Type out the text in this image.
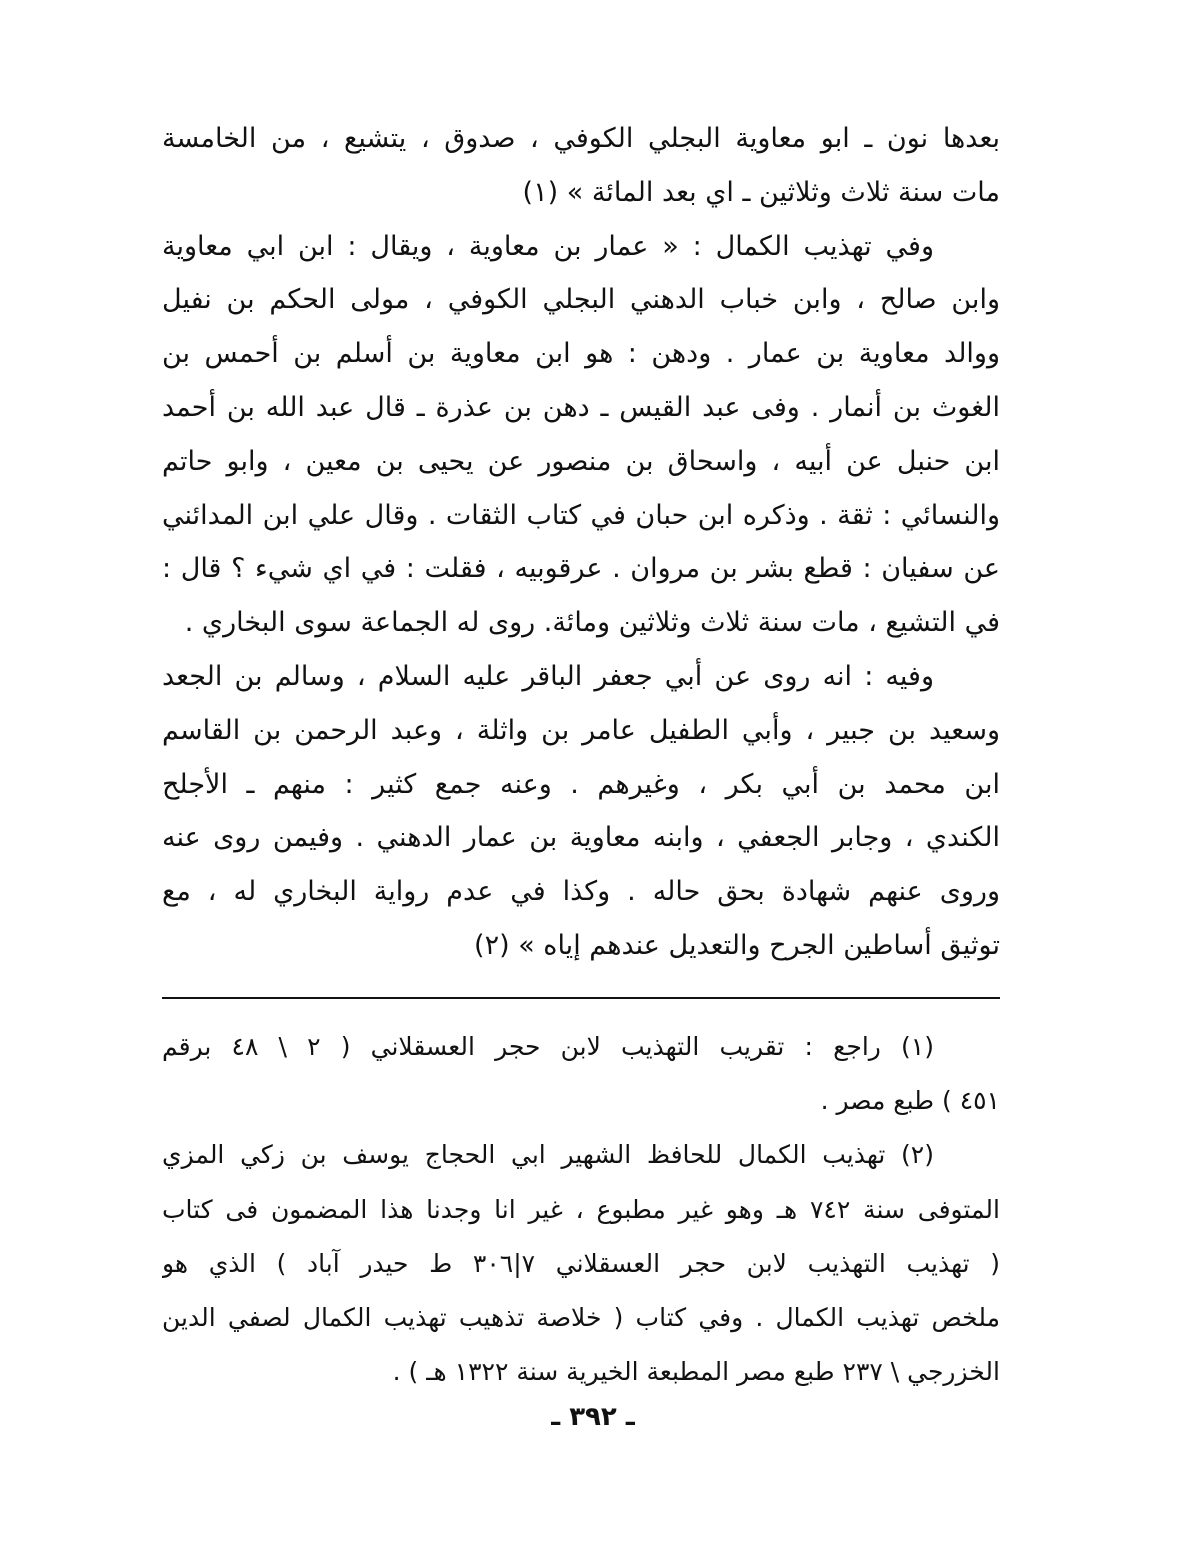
بعدها نون ـ ابو معاوية البجلي الكوفي ، صدوق ، يتشيع ، من الخامسة
مات سنة ثلاث وثلاثين ـ اي بعد المائة » (١)
وفي تهذيب الكمال : « عمار بن معاوية ، ويقال : ابن ابي معاوية
وابن صالح ، وابن خباب الدهني البجلي الكوفي ، مولى الحكم بن نفيل
ووالد معاوية بن عمار . ودهن : هو ابن معاوية بن أسلم بن أحمس بن
الغوث بن أنمار . وفى عبد القيس ـ دهن بن عذرة ـ قال عبد الله بن أحمد
ابن حنبل عن أبيه ، واسحاق بن منصور عن يحيى بن معين ، وابو حاتم
والنسائي : ثقة . وذكره ابن حبان في كتاب الثقات . وقال علي ابن المدائني
عن سفيان : قطع بشر بن مروان . عرقوبيه ، فقلت : في اي شيء ؟ قال :
في التشيع ، مات سنة ثلاث وثلاثين ومائة. روى له الجماعة سوى البخاري .
وفيه : انه روى عن أبي جعفر الباقر عليه السلام ، وسالم بن الجعد
وسعيد بن جبير ، وأبي الطفيل عامر بن واثلة ، وعبد الرحمن بن القاسم
ابن محمد بن أبي بكر ، وغيرهم . وعنه جمع كثير : منهم ـ الأجلح
الكندي ، وجابر الجعفي ، وابنه معاوية بن عمار الدهني . وفيمن روى عنه
وروى عنهم شهادة بحق حاله . وكذا في عدم رواية البخاري له ، مع
توثيق أساطين الجرح والتعديل عندهم إياه » (٢)
(١) راجع : تقريب التهذيب لابن حجر العسقلاني ( ٢ \ ٤٨ برقم
٤٥١ ) طبع مصر .
(٢) تهذيب الكمال للحافظ الشهير ابي الحجاج يوسف بن زكي المزي
المتوفى سنة ٧٤٢ هـ وهو غير مطبوع ، غير انا وجدنا هذا المضمون فى كتاب
( تهذيب التهذيب لابن حجر العسقلاني ٧|٣٠٦ ط حيدر آباد ) الذي هو
ملخص تهذيب الكمال . وفي كتاب ( خلاصة تذهيب تهذيب الكمال لصفي الدين
الخزرجي \ ٢٣٧ طبع مصر المطبعة الخيرية سنة ١٣٢٢ هـ ) .
ـ ٣٩٢ ـ
